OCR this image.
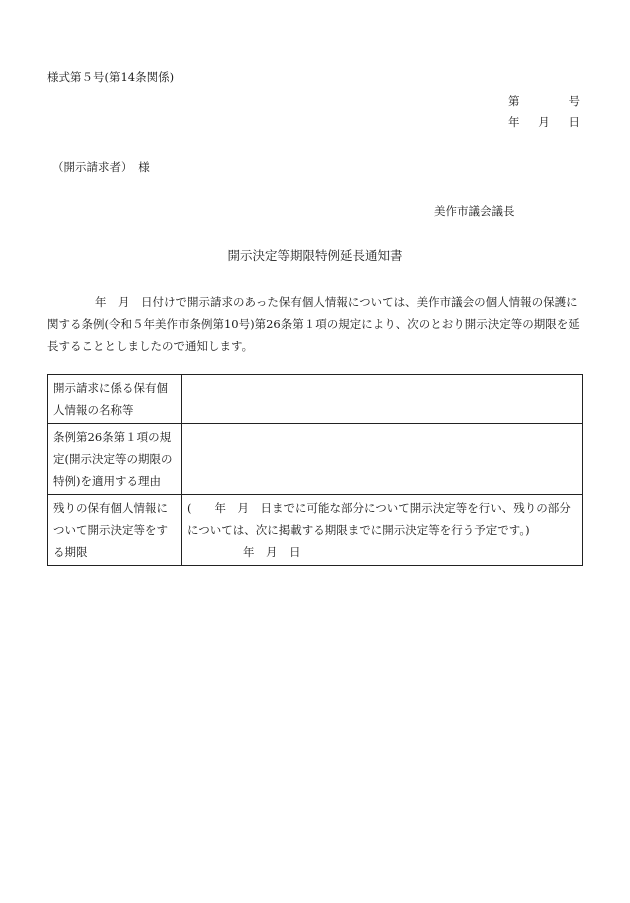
様式第５号(第14条関係)
第	号
年 月 日
（開示請求者）　様
美作市議会議長
開示決定等期限特例延長通知書
年　月　日付けで開示請求のあった保有個人情報については、美作市議会の個人情報の保護に関する条例(令和５年美作市条例第10号)第26条第１項の規定により、次のとおり開示決定等の期限を延長することとしましたので通知します。
開示請求に係る保有個人情報の名称等	
条例第26条第１項の規定(開示決定等の期限の特例)を適用する理由	
残りの保有個人情報について開示決定等をする期限	(　　年　月　日までに可能な部分について開示決定等を行い、残りの部分については、次に掲載する期限までに開示決定等を行う予定です。)
年　月　日
